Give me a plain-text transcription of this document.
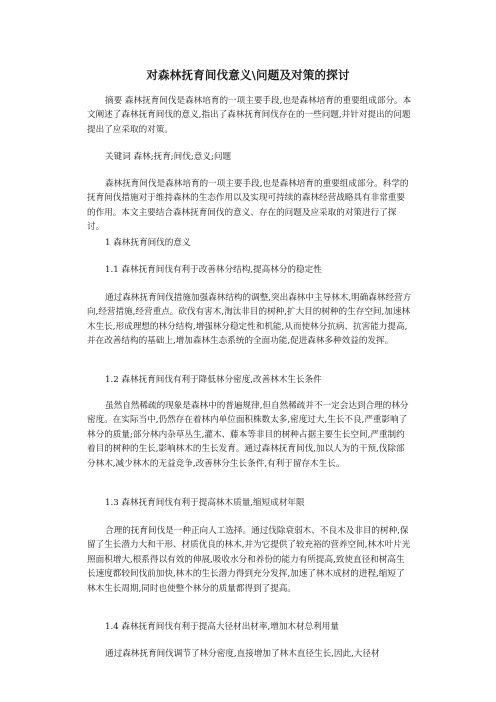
对森林抚育间伐意义\问题及对策的探讨

摘要 森林抚育间伐是森林培育的一项主要手段,也是森林培育的重要组成部分。本文阐述了森林抚育间伐的意义,指出了森林抚育间伐存在的一些问题,并针对提出的问题提出了应采取的对策。

关键词 森林;抚育;间伐;意义;问题

森林抚育间伐是森林培育的一项主要手段,也是森林培育的重要组成部分。科学的抚育间伐措施对于维持森林的生态作用以及实现可持续的森林经营战略具有非常重要的作用。本文主要结合森林抚育间伐的意义、存在的问题及应采取的对策进行了探讨。

1 森林抚育间伐的意义
1.1 森林抚育间伐有利于改善林分结构,提高林分的稳定性

通过森林抚育间伐措施加强森林结构的调整,突出森林中主导林木,明确森林经营方向,经营措施,经营重点。砍伐有害木,淘汰非目的树种,扩大目的树种的生存空间,加速林木生长,形成理想的林分结构,增强林分稳定性和机能,从而使林分抗病、抗害能力提高,并在改善结构的基础上,增加森林生态系统的全面功能,促进森林多种效益的发挥。

1.2 森林抚育间伐有利于降低林分密度,改善林木生长条件

虽然自然稀疏的现象是森林中的普遍规律,但自然稀疏并不一定会达到合理的林分密度。在实际当中,仍然存在着林内单位面积株数太多,密度过大,生长不良,严重影响了林分的质量;部分林内杂草丛生,灌木、藤本等非目的树种占据主要生长空间,严重制约着目的树种的生长,影响林木的生长发育。通过森林抚育间伐,加以人为的干预,伐除部分林木,减少林木的无益竞争,改善林分生长条件,有利于留存木生长。

1.3 森林抚育间伐有利于提高林木质量,缩短成材年限

合理的抚育间伐是一种正向人工选择。通过伐除衰弱木、不良木及非目的树种,保留了生长潜力大和干形、材质优良的林木,并为它提供了较充裕的营养空间,林木叶片光照面积增大,根系得以有效的伸展,吸收水分和养份的能力有所提高,致使直径和树高生长速度都较间伐前加快,林木的生长潜力得到充分发挥,加速了林木成材的进程,缩短了林木生长周期,同时也使整个林分的质量都得到了提高。

1.4 森林抚育间伐有利于提高大径材出材率,增加木材总利用量

通过森林抚育间伐调节了林分密度,直接增加了林木直径生长,因此,大径材
